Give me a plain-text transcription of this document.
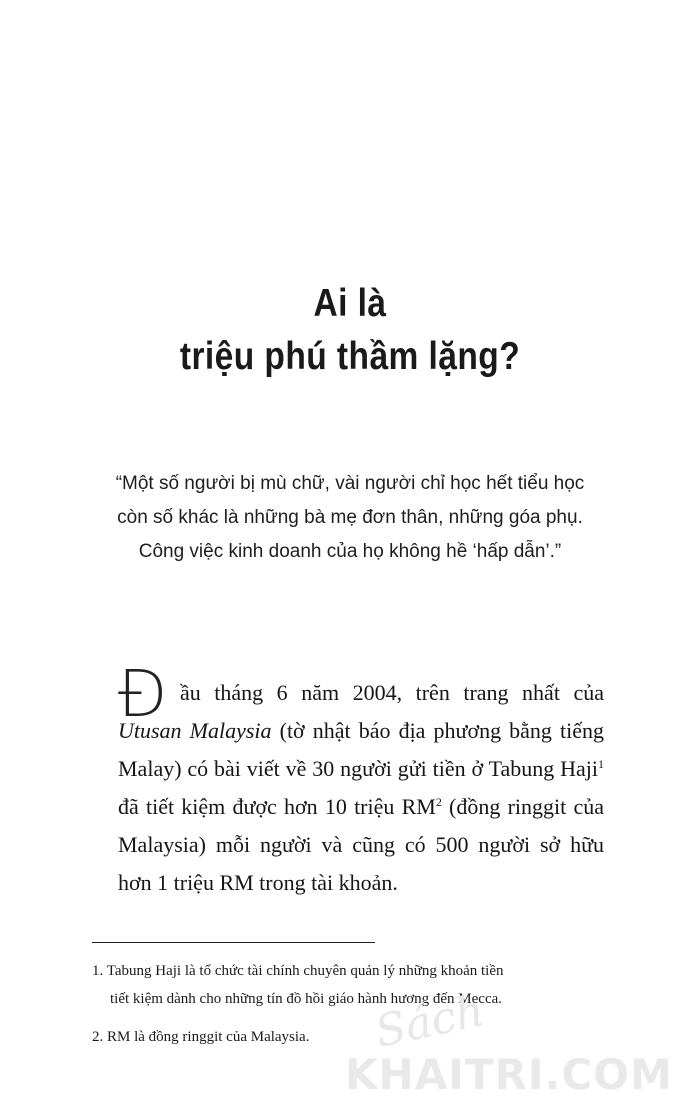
Ai là
triệu phú thầm lặng?
“Một số người bị mù chữ, vài người chỉ học hết tiểu học
còn số khác là những bà mẹ đơn thân, những góa phụ.
Công việc kinh doanh của họ không hề ‘hấp dẫn’.”
Đ ầu tháng 6 năm 2004, trên trang nhất của
Utusan Malaysia (tờ nhật báo địa phương bằng tiếng
Malay) có bài viết về 30 người gửi tiền ở Tabung Haji$^1$
đã tiết kiệm được hơn 10 triệu $RM^2$ (đồng ringgit của
Malaysia) mỗi người và cũng có 500 người sở hữu
hơn 1 triệu RM trong tài khoản.
1. Tabung Haji là tổ chức tài chính chuyên quản lý những khoản tiền
tiết kiệm dành cho những tín đồ hồi giáo hành hương đến Mecca.
2. RM là đồng ringgit của Malaysia. Sách
KHAITRI.COM
